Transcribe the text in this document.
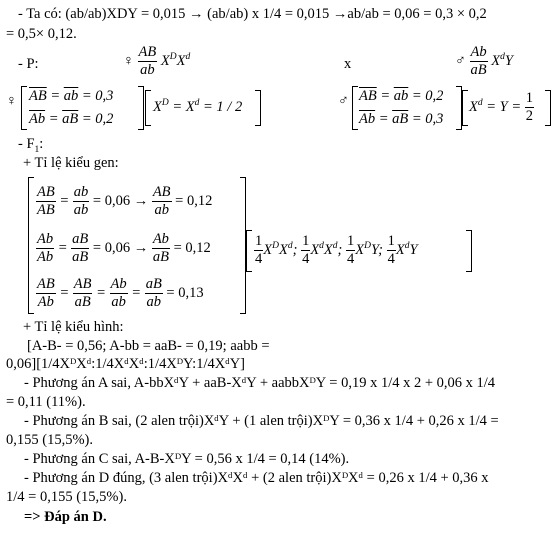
- Ta có: (ab/ab)XDY = 0,015 → (ab/ab) x 1/4 = 0,015 →ab/ab = 0,06 = 0,3 × 0,2
= 0,5× 0,12.
- P:	♀ $\frac{AB}{ab} X^DX^d$	x	♂ $\frac{Ab}{aB} X^dY$
♀ $\overline{AB} = \overline{ab} = 0,3$
$\overline{Ab} = \overline{aB} = 0,2$
$X^D = X^d = 1 / 2$	♂ $\overline{AB} = \overline{ab} = 0,2$
$\overline{Ab} = \overline{aB} = 0,3$
$X^d = Y = \frac{1}{2}$
- $F_1$:
+ Tỉ lệ kiểu gen:
$\frac{AB}{AB} = \frac{ab}{ab} = 0,06 \to \frac{AB}{ab} = 0,12$
$\frac{Ab}{Ab} = \frac{aB}{aB} = 0,06 \to \frac{Ab}{aB} = 0,12$
$\frac{AB}{Ab} = \frac{AB}{aB} = \frac{Ab}{ab} = \frac{aB}{ab} = 0,13$
$\frac{1}{4} X^DX^d$; $\frac{1}{4} X^dX^d$; $\frac{1}{4} X^DY$; $\frac{1}{4} X^dY$
+ Tỉ lệ kiểu hình:
[A-B- = 0,56; A-bb = aaB- = 0,19; aabb =
0,06][1/4XᴰXᵈ:1/4XᵈXᵈ:1/4XᴰY:1/4XᵈY]
- Phương án A sai, A-bbXᵈY + aaB-XᵈY + aabbXᴰY = 0,19 x 1/4 x 2 + 0,06 x 1/4
= 0,11 (11%).
- Phương án B sai, (2 alen trội)XᵈY + (1 alen trội)XᴰY = 0,36 x 1/4 + 0,26 x 1/4 =
0,155 (15,5%).
- Phương án C sai, A-B-XᴰY = 0,56 x 1/4 = 0,14 (14%).
- Phương án D đúng, (3 alen trội)XᵈXᵈ + (2 alen trội)XᴰXᵈ = 0,26 x 1/4 + 0,36 x
1/4 = 0,155 (15,5%).
=> Đáp án D.
